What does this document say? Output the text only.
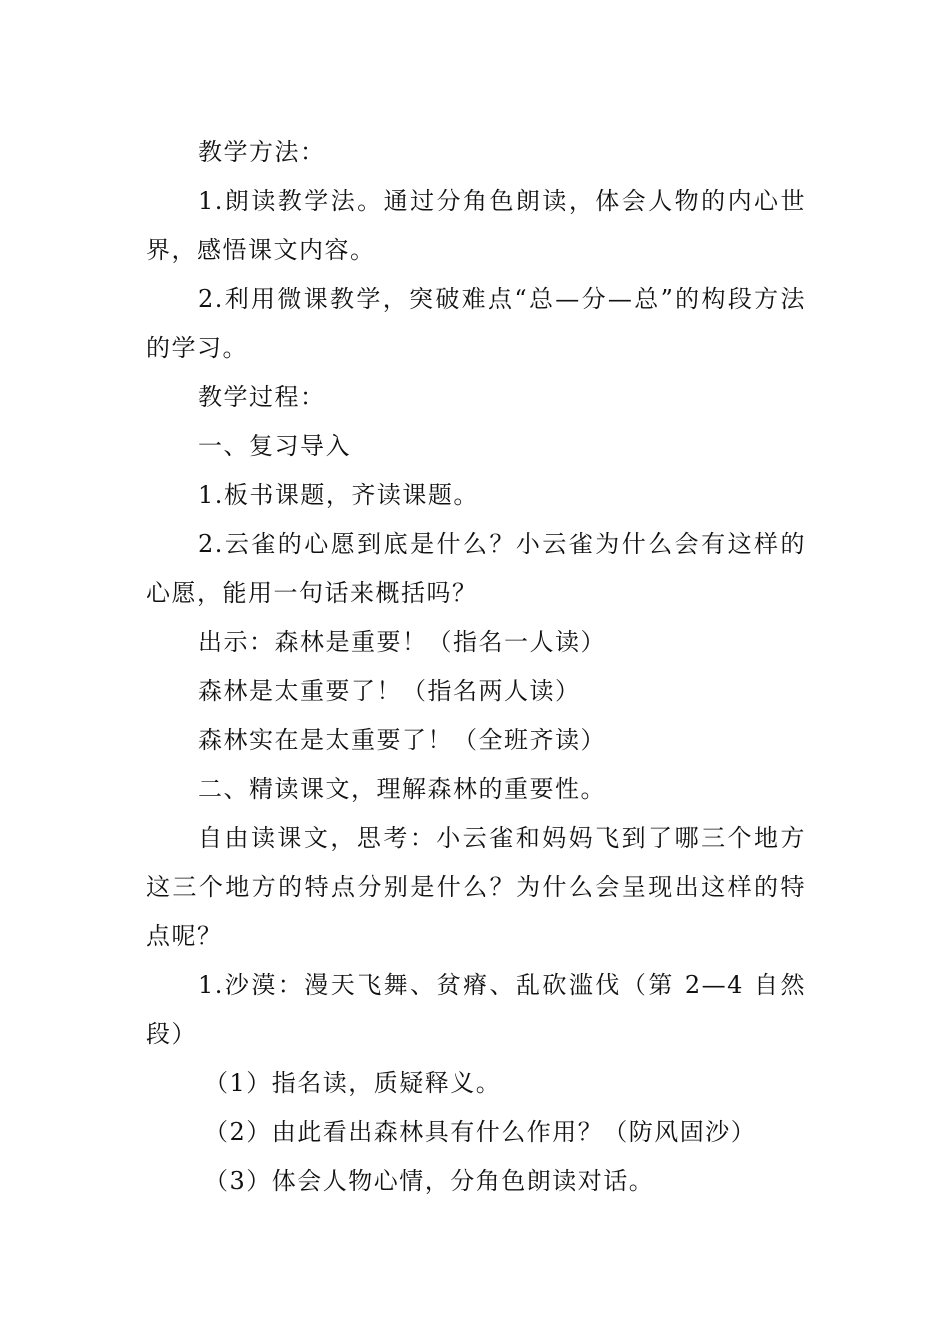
教学方法：

1.朗读教学法。通过分角色朗读，体会人物的内心世界，感悟课文内容。

2.利用微课教学，突破难点“总—分—总”的构段方法的学习。

教学过程：

一、复习导入

1.板书课题，齐读课题。

2.云雀的心愿到底是什么？小云雀为什么会有这样的心愿，能用一句话来概括吗？

出示：森林是重要！（指名一人读）

森林是太重要了！（指名两人读）

森林实在是太重要了！（全班齐读）

二、精读课文，理解森林的重要性。

自由读课文，思考：小云雀和妈妈飞到了哪三个地方这三个地方的特点分别是什么？为什么会呈现出这样的特点呢？

1.沙漠：漫天飞舞、贫瘠、乱砍滥伐（第 2—4 自然段）

（1）指名读，质疑释义。

（2）由此看出森林具有什么作用？（防风固沙）

（3）体会人物心情，分角色朗读对话。
